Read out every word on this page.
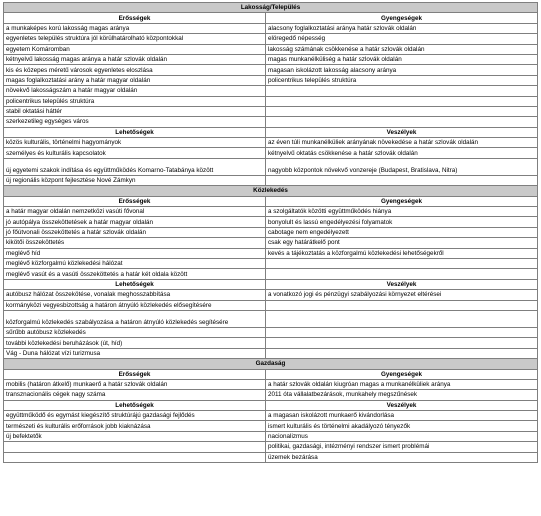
Lakosság/Település	
Erősségek	Gyengeségek
a munkaképes korú lakosság magas aránya	alacsony foglalkoztatási aránya határ szlovák oldalán
egyenletes település struktúra jól körülhatárolható központokkal	elöregedő népesség
egyetem Komáromban	lakosság számának csökkenése a határ szlovák oldalán
kétnyelvű lakosság magas aránya a határ szlovák oldalán	magas munkanélküliség a határ szlovák oldalán
kis és közepes méretű városok egyenletes eloszlása	magasan iskolázott lakosság alacsony aránya
magas foglalkoztatási arány a határ magyar oldalán	policentrikus település struktúra
növekvő lakosságszám a határ magyar oldalán	
policentrikus település struktúra	
stabil oktatási háttér	
szerkezetileg egységes város	
Lehetőségek	Veszélyek
közös kulturális, történelmi hagyományok	az éven túli munkanélküliek arányának növekedése a határ szlovák oldalán
személyes és kulturális kapcsolatok	kétnyelvű oktatás csökkenése a határ szlovák oldalán
új egyetemi szakok indítása és együttműködés Komarno-Tatabánya között	nagyobb központok növekvő vonzereje (Budapest, Bratislava, Nitra)
új regionális központ fejlesztése Nové Zámkyn	
Közlekedés	
Erősségek	Gyengeségek
a határ magyar oldalán nemzetközi vasúti fővonal	a szolgáltatók közötti együttműködés hiánya
jó autópálya összeköttetések a határ magyar oldalán	bonyolult és lassú engedélyezési folyamatok
jó főútvonali összeköttetés a határ szlovák oldalán	cabotage nem engedélyezett
kikötői összeköttetés	csak egy határátkelő pont
meglévő híd	kevés a tájékoztatás a közforgalmú közlekedési lehetőségekről
meglévő közforgalmú közlekedési hálózat	
meglévő vasút és a vasúti összeköttetés a határ két oldala között	
Lehetőségek	Veszélyek
autóbusz hálózat összekötése, vonalak meghosszabbítása	a vonatkozó jogi és pénzügyi szabályozási környezet eltérései
kormányközi vegyesbizottság a határon átnyúló közlekedés elősegítésére	
közforgalmú közlekedés szabályozása a határon átnyúló közlekedés segítésére	
sűrűbb autóbusz közlekedés	
további közlekedési beruházások (út, híd)	
Vág - Duna hálózat vízi turizmusa	
Gazdaság	
Erősségek	Gyengeségek
mobilis (határon átkelő) munkaerő a határ szlovák oldalán	a határ szlovák oldalán kiugróan magas a munkanélküliek aránya
transznacionális cégek nagy száma	2011 óta vállalatbezárások, munkahely megszűnések
Lehetőségek	Veszélyek
együttműködő és egymást kiegészítő struktúrájú gazdasági fejlődés	a magasan iskolázott munkaerő kivándorlása
természeti és kulturális erőforrások jobb kiaknázása	ismert kulturális és történelmi akadályozó tényezők
új befektetők	nacionalizmus
	politikai, gazdasági, intézményi rendszer ismert problémái
	üzemek bezárása
